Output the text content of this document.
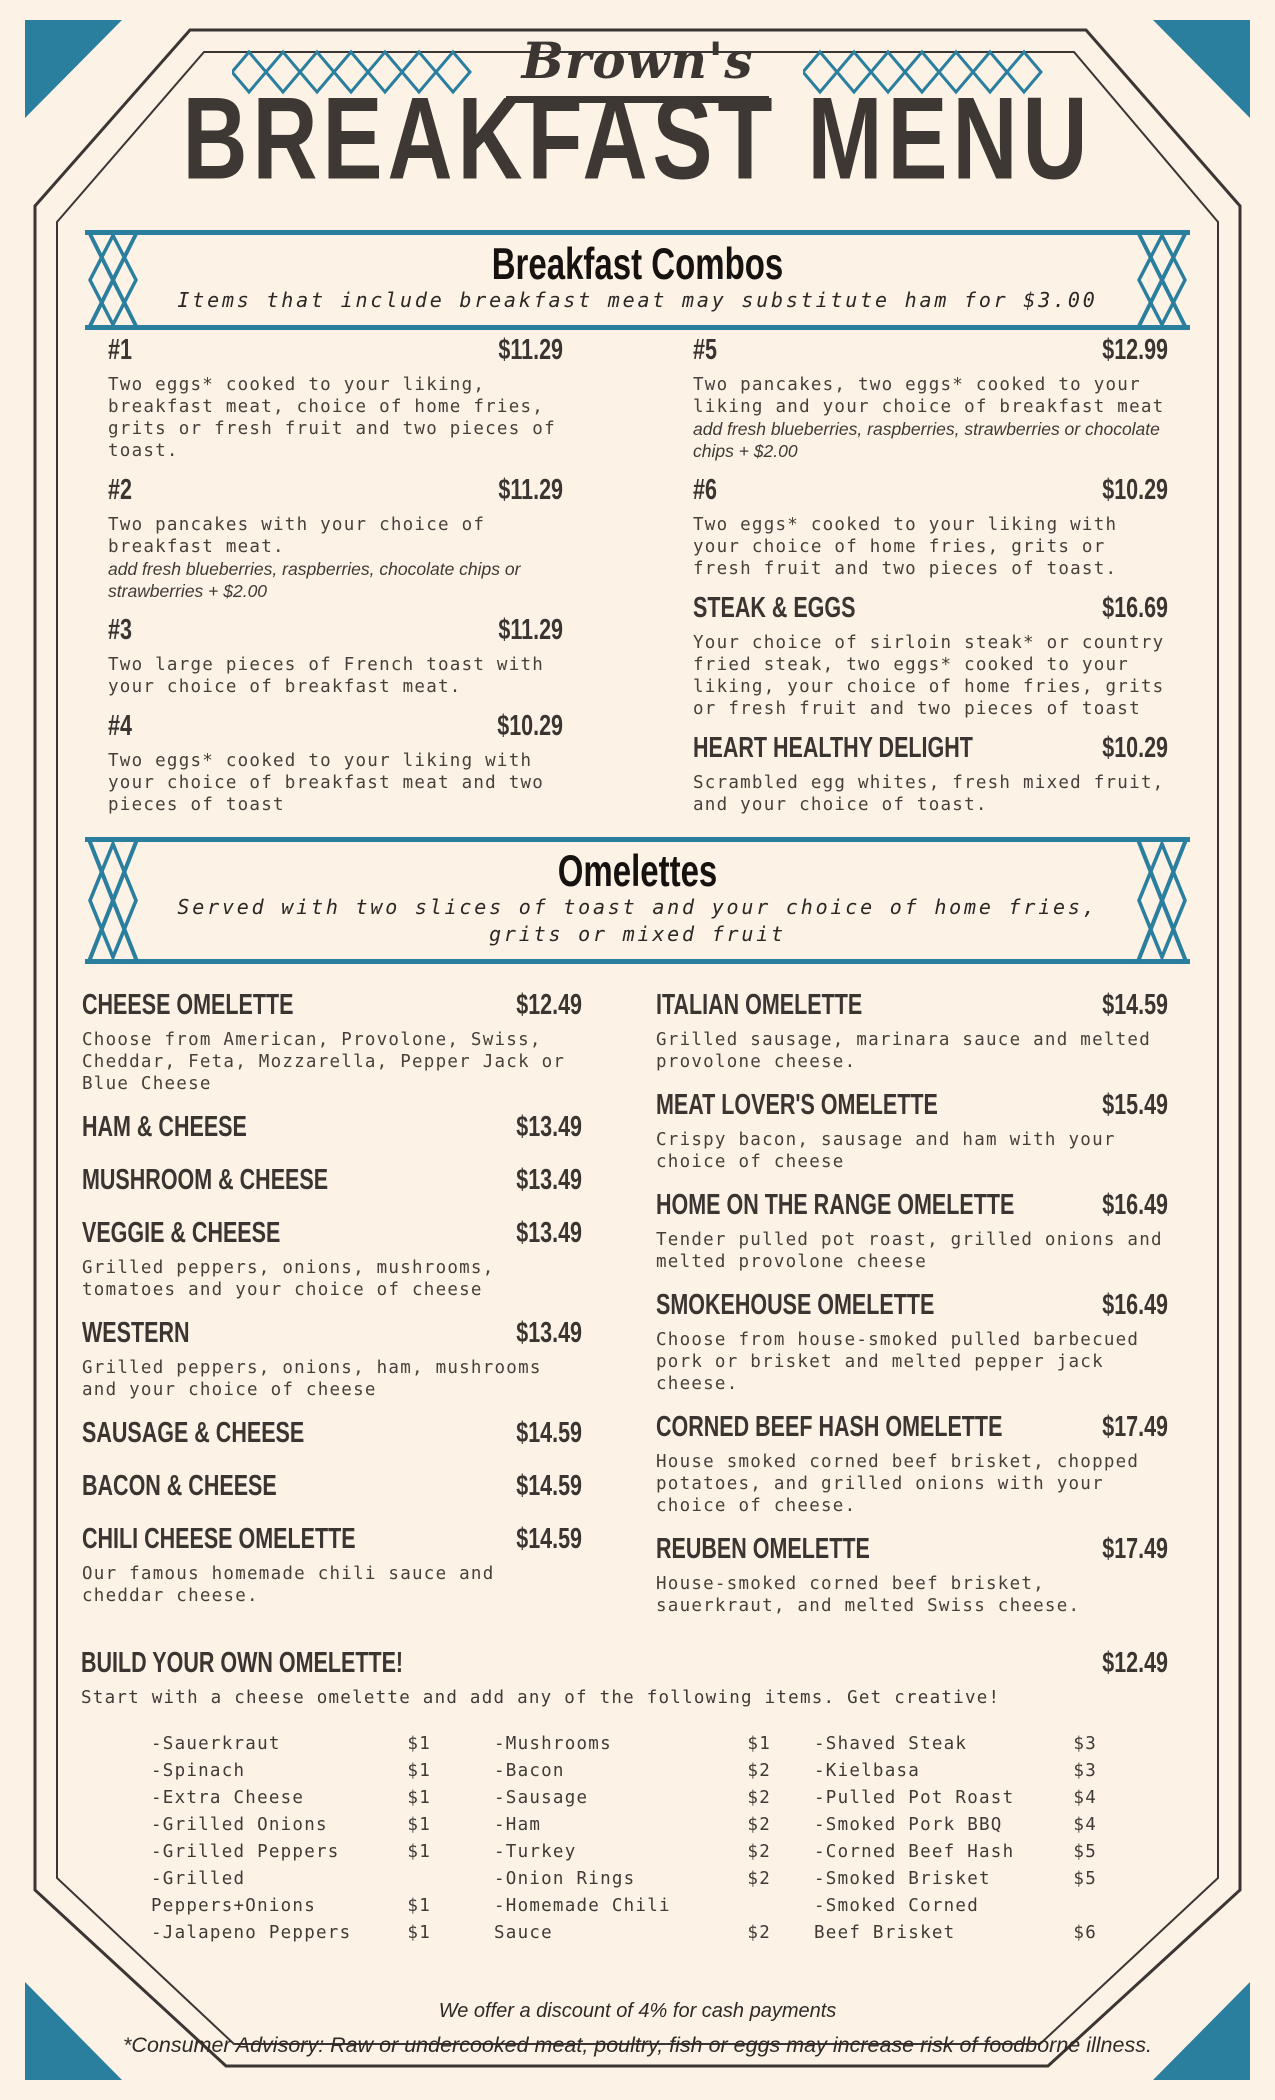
Brown's
BREAKFAST MENU
Breakfast Combos
Items that include breakfast meat may substitute ham for $3.00
#1	$11.29

Two eggs* cooked to your liking, breakfast meat, choice of home fries, grits or fresh fruit and two pieces of toast.

#2	$11.29

Two pancakes with your choice of breakfast meat.

add fresh blueberries, raspberries, chocolate chips or strawberries + $2.00

#3	$11.29

Two large pieces of French toast with your choice of breakfast meat.

#4	$10.29

Two eggs* cooked to your liking with your choice of breakfast meat and two pieces of toast

#5	$12.99

Two pancakes, two eggs* cooked to your liking and your choice of breakfast meat

add fresh blueberries, raspberries, strawberries or chocolate chips + $2.00

#6	$10.29

Two eggs* cooked to your liking with your choice of home fries, grits or fresh fruit and two pieces of toast.

STEAK & EGGS	$16.69

Your choice of sirloin steak* or country fried steak, two eggs* cooked to your liking, your choice of home fries, grits or fresh fruit and two pieces of toast

HEART HEALTHY DELIGHT	$10.29

Scrambled egg whites, fresh mixed fruit, and your choice of toast.

Omelettes
Served with two slices of toast and your choice of home fries, grits or mixed fruit
CHEESE OMELETTE	$12.49

Choose from American, Provolone, Swiss, Cheddar, Feta, Mozzarella, Pepper Jack or Blue Cheese

HAM & CHEESE	$13.49
MUSHROOM & CHEESE	$13.49
VEGGIE & CHEESE	$13.49

Grilled peppers, onions, mushrooms, tomatoes and your choice of cheese

WESTERN	$13.49

Grilled peppers, onions, ham, mushrooms and your choice of cheese

SAUSAGE & CHEESE	$14.59
BACON & CHEESE	$14.59
CHILI CHEESE OMELETTE	$14.59

Our famous homemade chili sauce and cheddar cheese.

ITALIAN OMELETTE	$14.59

Grilled sausage, marinara sauce and melted provolone cheese.

MEAT LOVER'S OMELETTE	$15.49

Crispy bacon, sausage and ham with your choice of cheese

HOME ON THE RANGE OMELETTE	$16.49

Tender pulled pot roast, grilled onions and melted provolone cheese

SMOKEHOUSE OMELETTE	$16.49

Choose from house-smoked pulled barbecued pork or brisket and melted pepper jack cheese.

CORNED BEEF HASH OMELETTE	$17.49

House smoked corned beef brisket, chopped potatoes, and grilled onions with your choice of cheese.

REUBEN OMELETTE	$17.49

House-smoked corned beef brisket, sauerkraut, and melted Swiss cheese.

BUILD YOUR OWN OMELETTE!	$12.49

Start with a cheese omelette and add any of the following items. Get creative!

-Sauerkraut	$1
-Spinach	$1
-Extra Cheese	$1
-Grilled Onions	$1
-Grilled Peppers	$1
-Grilled Peppers+Onions	$1
-Jalapeno Peppers	$1
-Mushrooms	$1
-Bacon	$2
-Sausage	$2
-Ham	$2
-Turkey	$2
-Onion Rings	$2
-Homemade Chili Sauce	$2
-Shaved Steak	$3
-Kielbasa	$3
-Pulled Pot Roast	$4
-Smoked Pork BBQ	$4
-Corned Beef Hash	$5
-Smoked Brisket	$5
-Smoked Corned Beef Brisket	$6
We offer a discount of 4% for cash payments
*Consumer Advisory: Raw or undercooked meat, poultry, fish or eggs may increase risk of foodborne illness.
